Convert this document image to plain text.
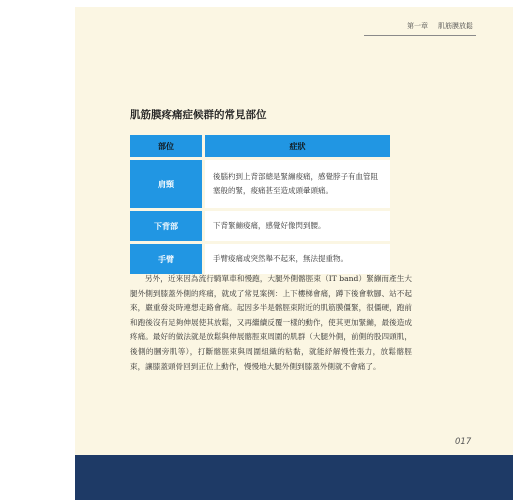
第一章 肌筋膜放鬆
肌筋膜疼痛症候群的常見部位
部位	症狀
肩頸	後腦杓到上背部總是緊繃痠痛，感覺脖子有血管阻塞般的緊，痠痛甚至造成頭暈頭痛。
下背部	下背緊繃痠痛，感覺好像閃到腰。
手臂	手臂痠痛或突然舉不起來，無法提重物。

另外，近來因為流行騎單車和慢跑，大腿外側髂脛束（IT band）緊繃而產生大腿外側到膝蓋外側的疼痛，就成了常見案例：上下樓梯會痛，蹲下後會軟腳、站不起來，嚴重發炎時連想走路會痛。起因多半是髂脛束附近的肌筋膜僵緊，很僵硬，跑前和跑後沒有足夠伸展使其放鬆，又再繼續反覆一樣的動作，使其更加緊繃，最後造成疼痛。最好的做法就是放鬆與伸展髂脛束周圍的肌群（大腿外側，前側的股四頭肌，後側的膕旁肌等），打斷髂脛束與周圍組織的粘黏，就能紓解慢性張力，放鬆髂脛束，讓膝蓋頭骨回到正位上動作，慢慢地大腿外側到膝蓋外側就不會痛了。

017
